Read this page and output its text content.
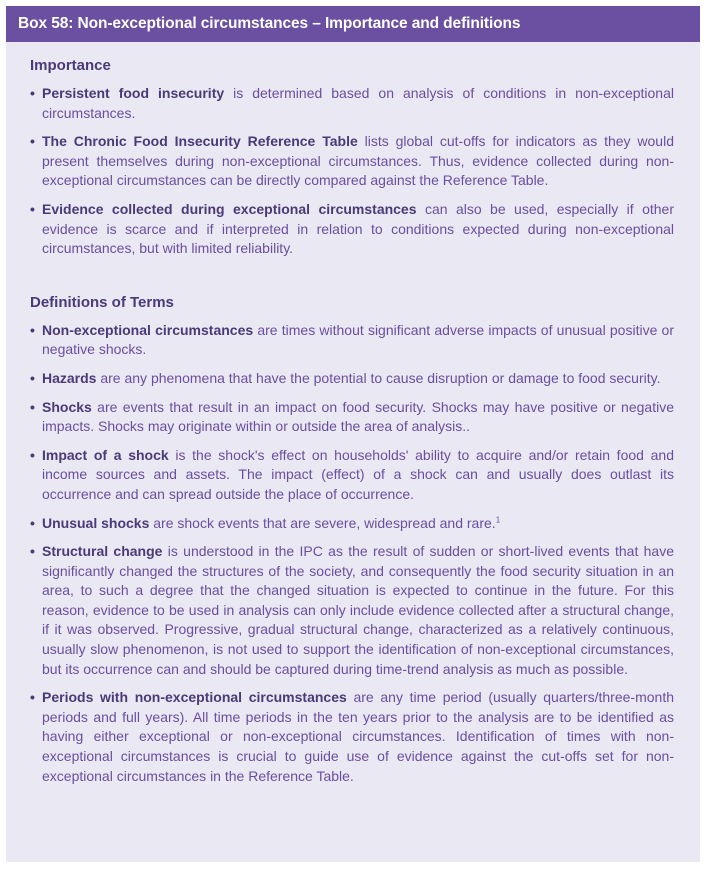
Box 58: Non-exceptional circumstances – Importance and definitions
Importance
• Persistent food insecurity is determined based on analysis of conditions in non-exceptional circumstances.
• The Chronic Food Insecurity Reference Table lists global cut-offs for indicators as they would present themselves during non-exceptional circumstances. Thus, evidence collected during non-exceptional circumstances can be directly compared against the Reference Table.
• Evidence collected during exceptional circumstances can also be used, especially if other evidence is scarce and if interpreted in relation to conditions expected during non-exceptional circumstances, but with limited reliability.
Definitions of Terms
• Non-exceptional circumstances are times without significant adverse impacts of unusual positive or negative shocks.
• Hazards are any phenomena that have the potential to cause disruption or damage to food security.
• Shocks are events that result in an impact on food security. Shocks may have positive or negative impacts. Shocks may originate within or outside the area of analysis..
• Impact of a shock is the shock's effect on households' ability to acquire and/or retain food and income sources and assets. The impact (effect) of a shock can and usually does outlast its occurrence and can spread outside the place of occurrence.
• Unusual shocks are shock events that are severe, widespread and rare.$^1$
• Structural change is understood in the IPC as the result of sudden or short-lived events that have significantly changed the structures of the society, and consequently the food security situation in an area, to such a degree that the changed situation is expected to continue in the future. For this reason, evidence to be used in analysis can only include evidence collected after a structural change, if it was observed. Progressive, gradual structural change, characterized as a relatively continuous, usually slow phenomenon, is not used to support the identification of non-exceptional circumstances, but its occurrence can and should be captured during time-trend analysis as much as possible.
• Periods with non-exceptional circumstances are any time period (usually quarters/three-month periods and full years). All time periods in the ten years prior to the analysis are to be identified as having either exceptional or non-exceptional circumstances. Identification of times with non-exceptional circumstances is crucial to guide use of evidence against the cut-offs set for non-exceptional circumstances in the Reference Table.
